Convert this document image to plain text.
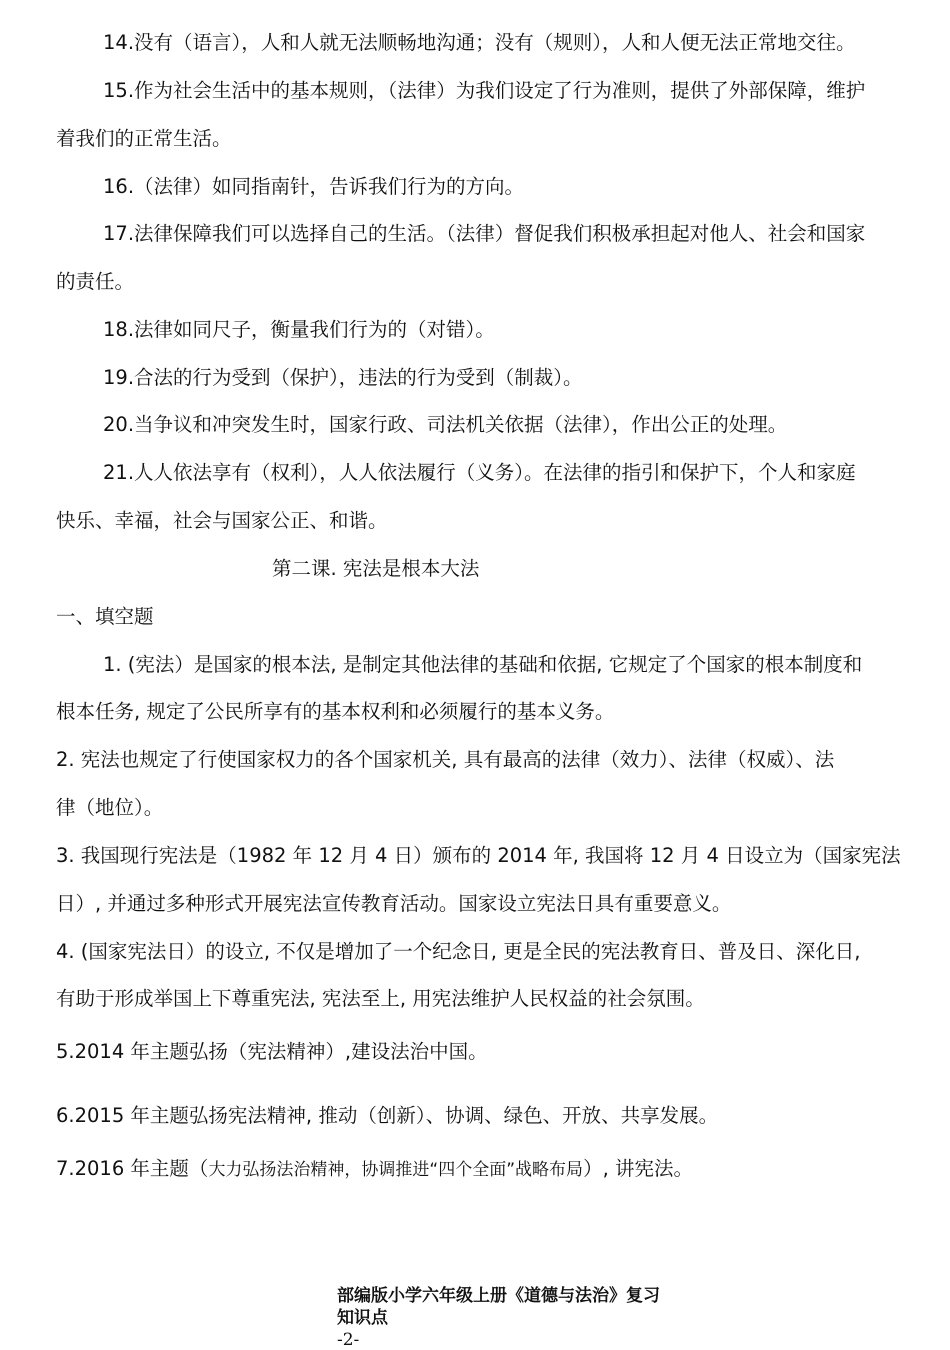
14.没有（语言），人和人就无法顺畅地沟通；没有（规则），人和人便无法正常地交往。
15.作为社会生活中的基本规则，（法律）为我们设定了行为准则，提供了外部保障，维护
着我们的正常生活。
16.（法律）如同指南针，告诉我们行为的方向。
17.法律保障我们可以选择自己的生活。（法律）督促我们积极承担起对他人、社会和国家
的责任。
18.法律如同尺子，衡量我们行为的（对错）。
19.合法的行为受到（保护），违法的行为受到（制裁）。
20.当争议和冲突发生时，国家行政、司法机关依据（法律），作出公正的处理。
21.人人依法享有（权利），人人依法履行（义务）。在法律的指引和保护下，个人和家庭
快乐、幸福，社会与国家公正、和谐。
第二课. 宪法是根本大法
一、填空题
1. (宪法）是国家的根本法, 是制定其他法律的基础和依据, 它规定了个国家的根本制度和
根本任务, 规定了公民所享有的基本权利和必须履行的基本义务。
2. 宪法也规定了行使国家权力的各个国家机关, 具有最高的法律（效力）、法律（权威）、法
律（地位）。
3. 我国现行宪法是（1982 年 12 月 4 日）颁布的 2014 年, 我国将 12 月 4 日设立为（国家宪法
日）, 并通过多种形式开展宪法宣传教育活动。国家设立宪法日具有重要意义。
4. (国家宪法日）的设立, 不仅是增加了一个纪念日, 更是全民的宪法教育日、普及日、深化日,
有助于形成举国上下尊重宪法, 宪法至上, 用宪法维护人民权益的社会氛围。
5.2014 年主题弘扬（宪法精神）,建设法治中国。
6.2015 年主题弘扬宪法精神, 推动（创新）、协调、绿色、开放、共享发展。
7.2016 年主题（大力弘扬法治精神，协调推进“四个全面”战略布局）, 讲宪法。
部编版小学六年级上册《道德与法治》复习
知识点
-2-
